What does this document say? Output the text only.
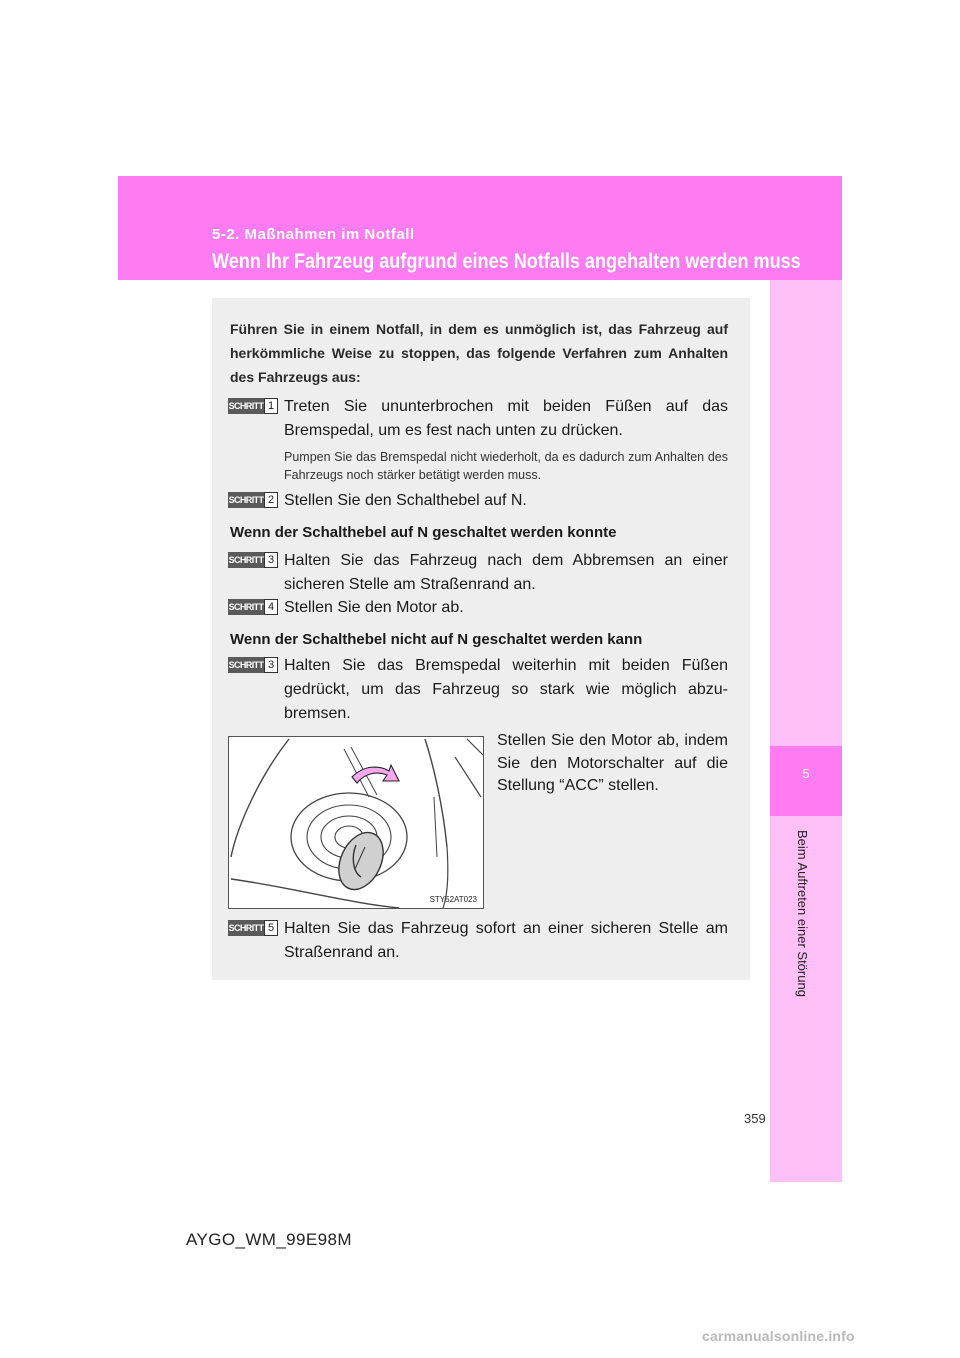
5-2. Maßnahmen im Notfall
Wenn Ihr Fahrzeug aufgrund eines Notfalls angehalten werden muss
5
Beim Auftreten einer Störung
Führen Sie in einem Notfall, in dem es unmöglich ist, das Fahrzeug auf herkömmliche Weise zu stoppen, das folgende Verfahren zum Anhalten des Fahrzeugs aus:
SCHRITT 1 Treten Sie ununterbrochen mit beiden Füßen auf das Bremspedal, um es fest nach unten zu drücken.
Pumpen Sie das Bremspedal nicht wiederholt, da es dadurch zum Anhalten des Fahrzeugs noch stärker betätigt werden muss.
SCHRITT 2 Stellen Sie den Schalthebel auf N.
Wenn der Schalthebel auf N geschaltet werden konnte
SCHRITT 3 Halten Sie das Fahrzeug nach dem Abbremsen an einer sicheren Stelle am Straßenrand an.
SCHRITT 4 Stellen Sie den Motor ab.
Wenn der Schalthebel nicht auf N geschaltet werden kann
SCHRITT 3 Halten Sie das Bremspedal weiterhin mit beiden Füßen gedrückt, um das Fahrzeug so stark wie möglich abzu-bremsen.
STY52AT023
Stellen Sie den Motor ab, indem Sie den Motorschalter auf die Stellung “ACC” stellen.
SCHRITT 5 Halten Sie das Fahrzeug sofort an einer sicheren Stelle am Straßenrand an.
359
AYGO_WM_99E98M
carmanualsonline.info
